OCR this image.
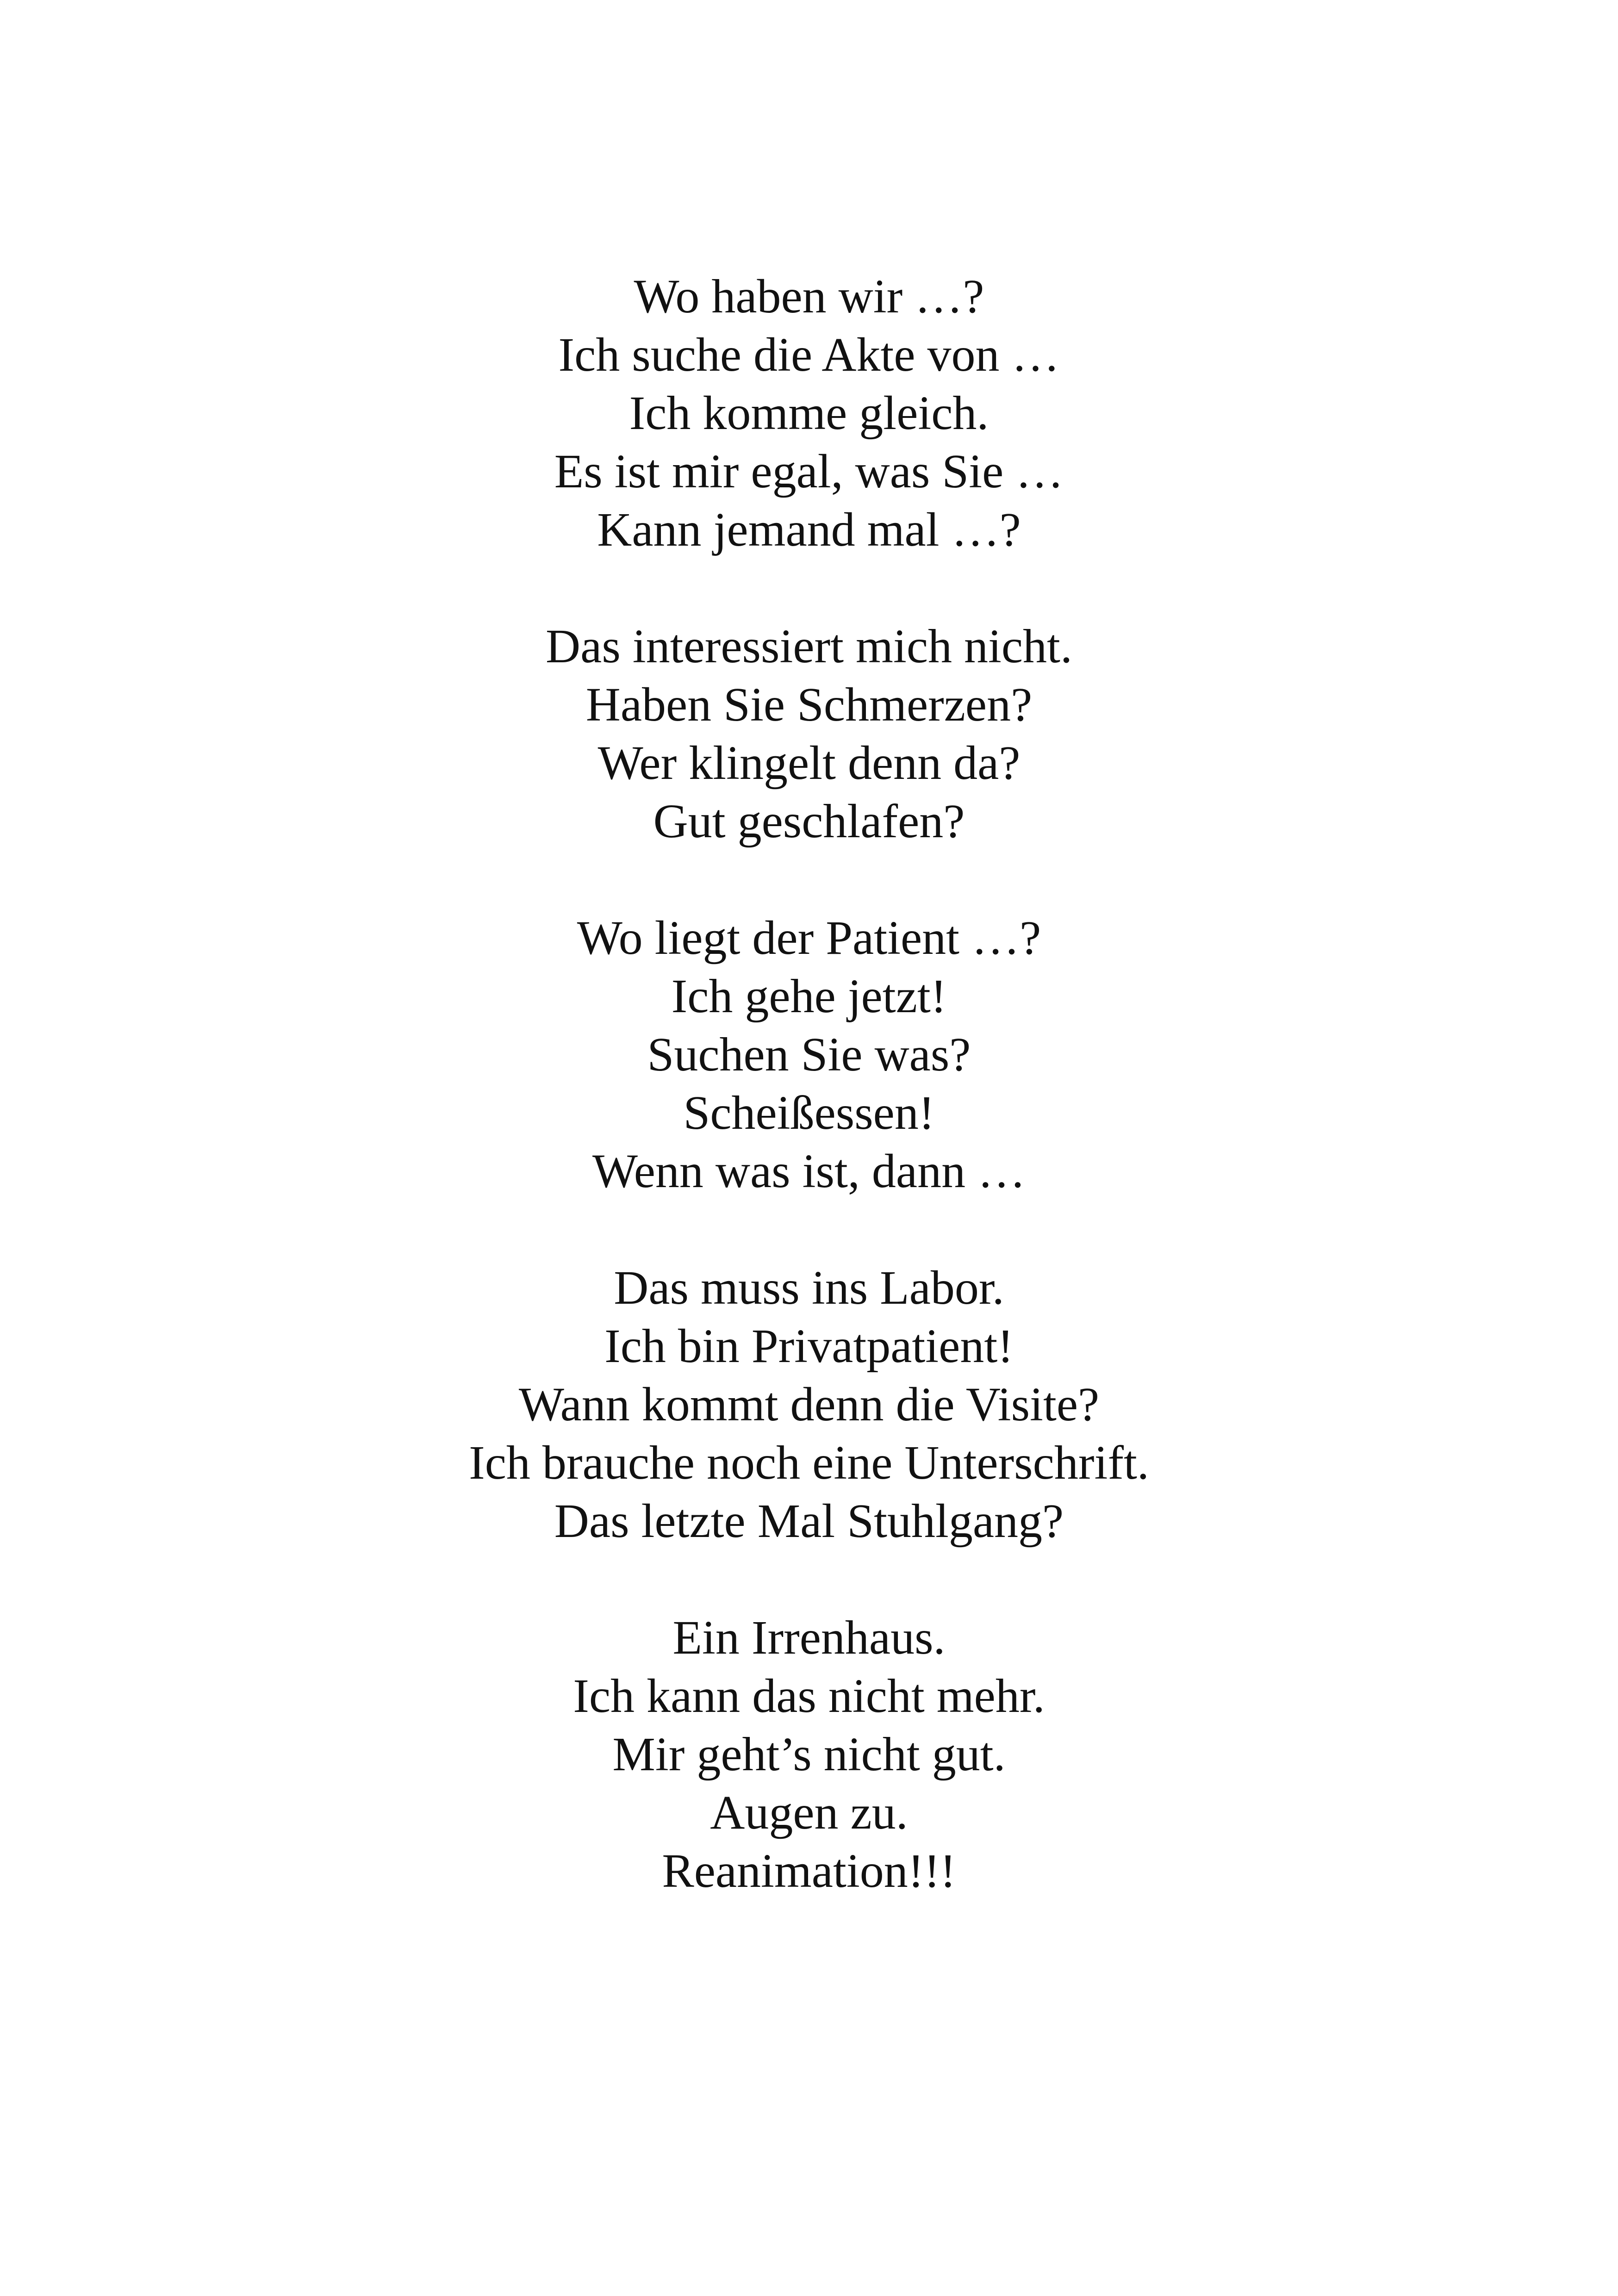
Wo haben wir …?
Ich suche die Akte von …
Ich komme gleich.
Es ist mir egal, was Sie …
Kann jemand mal …?
Das interessiert mich nicht.
Haben Sie Schmerzen?
Wer klingelt denn da?
Gut geschlafen?
Wo liegt der Patient …?
Ich gehe jetzt!
Suchen Sie was?
Scheißessen!
Wenn was ist, dann …
Das muss ins Labor.
Ich bin Privatpatient!
Wann kommt denn die Visite?
Ich brauche noch eine Unterschrift.
Das letzte Mal Stuhlgang?
Ein Irrenhaus.
Ich kann das nicht mehr.
Mir geht’s nicht gut.
Augen zu.
Reanimation!!!
